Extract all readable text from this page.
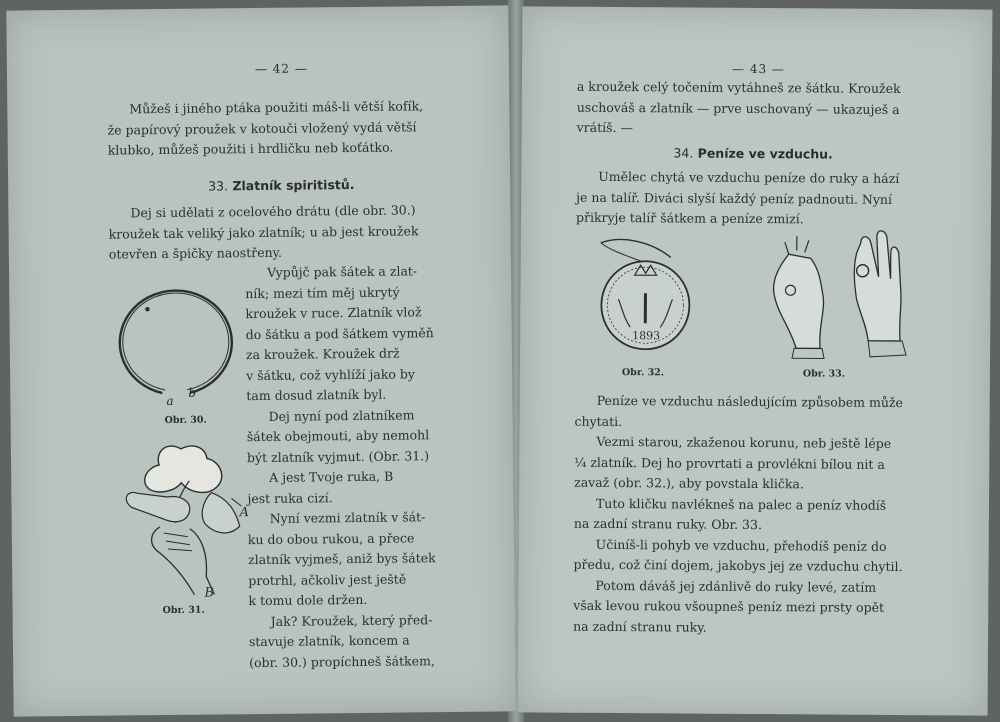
— 42 —

Můžeš i jiného ptáka použiti máš-li větší kofík,

že papírový proužek v kotouči vložený vydá větší

klubko, můžeš použiti i hrdličku neb koťátko.

33. Zlatník spiritistů.

Dej si udělati z ocelového drátu (dle obr. 30.)

kroužek tak veliký jako zlatník; u ab jest kroužek

otevřen a špičky naostřeny.

Vypůjč pak šátek a zlat-

ník; mezi tím měj ukrytý

kroužek v ruce. Zlatník vlož

do šátku a pod šátkem vyměň

za kroužek. Kroužek drž

v šátku, což vyhlíží jako by

tam dosud zlatník byl.

Dej nyní pod zlatníkem

šátek obejmouti, aby nemohl

být zlatník vyjmut. (Obr. 31.)

A jest Tvoje ruka, B

jest ruka cizí.

Nyní vezmi zlatník v šát-

ku do obou rukou, a přece

zlatník vyjmeš, aniž bys šátek

protrhl, ačkoliv jest ještě

k tomu dole držen.

Jak? Kroužek, který před-

stavuje zlatník, koncem a

(obr. 30.) propíchneš šátkem,

a
b
Obr. 30.
A
B
Obr. 31.
— 43 —

a kroužek celý točením vytáhneš ze šátku. Kroužek

uschováš a zlatník — prve uschovaný — ukazuješ a

vrátíš. —

34. Peníze ve vzduchu.

Umělec chytá ve vzduchu peníze do ruky a hází

je na talíř. Diváci slyší každý peníz padnouti. Nyní

přikryje talíř šátkem a peníze zmizí.

1893
Obr. 32.	Obr. 33.

Peníze ve vzduchu následujícím způsobem může

chytati.

Vezmi starou, zkaženou korunu, neb ještě lépe

¼ zlatník. Dej ho provrtati a provlékni bílou nit a

zavaž (obr. 32.), aby povstala klička.

Tuto kličku navlékneš na palec a peníz vhodíš

na zadní stranu ruky. Obr. 33.

Učiníš-li pohyb ve vzduchu, přehodíš peníz do

předu, což činí dojem, jakobys jej ze vzduchu chytil.

Potom dáváš jej zdánlivě do ruky levé, zatím

však levou rukou všoupneš peníz mezi prsty opět

na zadní stranu ruky.
